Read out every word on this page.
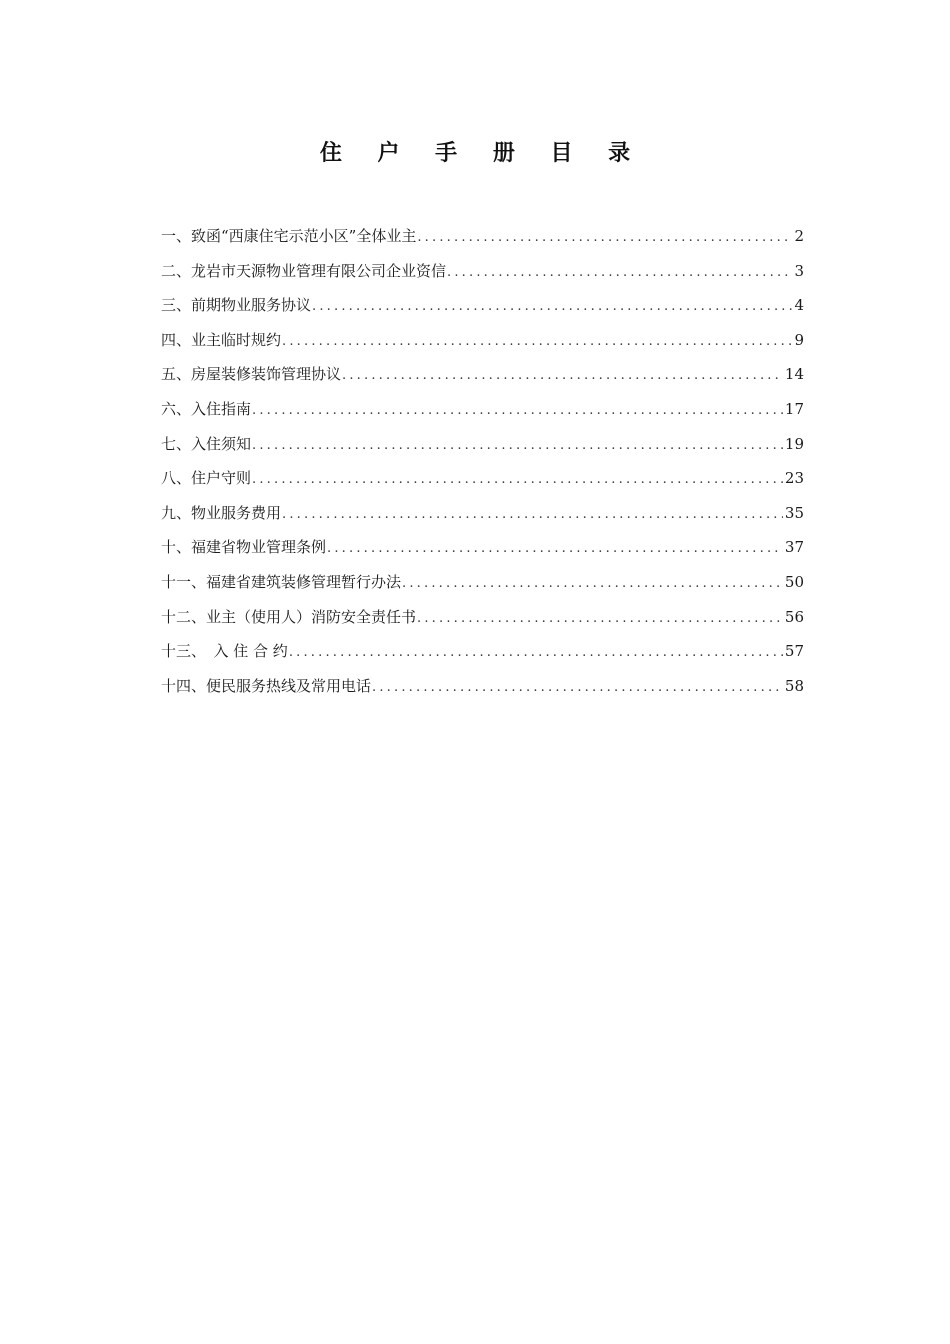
住 户 手 册 目 录
一、致函“西康住宅示范小区”全体业主 .....	2
二、龙岩市天源物业管理有限公司企业资信 .....	3
三、前期物业服务协议 .....	4
四、业主临时规约 .....	9
五、房屋装修装饰管理协议 .....	14
六、入住指南 .....	17
七、入住须知 .....	19
八、住户守则 .....	23
九、物业服务费用 .....	35
十、福建省物业管理条例 .....	37
十一、福建省建筑装修管理暂行办法 .....	50
十二、业主（使用人）消防安全责任书 .....	56
十三、　入 住 合 约 .....	57
十四、便民服务热线及常用电话 .....	58
